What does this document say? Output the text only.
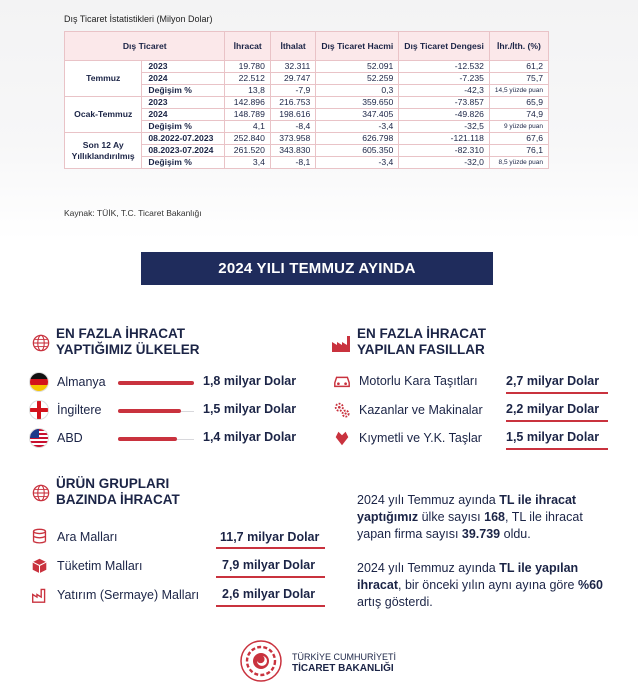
Dış Ticaret İstatistikleri (Milyon Dolar)
Dış Ticaret		İhracat	İthalat	Dış Ticaret Hacmi	Dış Ticaret Dengesi	İhr./İth. (%)
Temmuz	2023	19.780	32.311	52.091	-12.532	61,2
	2024	22.512	29.747	52.259	-7.235	75,7
	Değişim %	13,8	-7,9	0,3	-42,3	14,5 yüzde puan
Ocak-Temmuz	2023	142.896	216.753	359.650	-73.857	65,9
	2024	148.789	198.616	347.405	-49.826	74,9
	Değişim %	4,1	-8,4	-3,4	-32,5	9 yüzde puan
Son 12 Ay Yıllıklandırılmış	08.2022-07.2023	252.840	373.958	626.798	-121.118	67,6
	08.2023-07.2024	261.520	343.830	605.350	-82.310	76,1
	Değişim %	3,4	-8,1	-3,4	-32,0	8,5 yüzde puan
Kaynak: TÜİK, T.C. Ticaret Bakanlığı
2024 YILI TEMMUZ AYINDA
EN FAZLA İHRACAT
YAPTIĞIMIZ ÜLKELER
Almanya	1,8 milyar Dolar
İngiltere	1,5 milyar Dolar
ABD	1,4 milyar Dolar
EN FAZLA İHRACAT
YAPILAN FASILLAR
Motorlu Kara Taşıtları 2,7 milyar Dolar
Kazanlar ve Makinalar 2,2 milyar Dolar
Kıymetli ve Y.K. Taşlar 1,5 milyar Dolar
ÜRÜN GRUPLARI
BAZINDA İHRACAT
Ara Malları	11,7 milyar Dolar
Tüketim Malları	7,9 milyar Dolar
Yatırım (Sermaye) Malları 2,6 milyar Dolar
2024 yılı Temmuz ayında TL ile ihracat yaptığımız ülke sayısı 168, TL ile ihracat yapan firma sayısı 39.739 oldu.
2024 yılı Temmuz ayında TL ile yapılan ihracat, bir önceki yılın aynı ayına göre %60 artış gösterdi.
TÜRKİYE CUMHURİYETİ
TİCARET BAKANLIĞI
